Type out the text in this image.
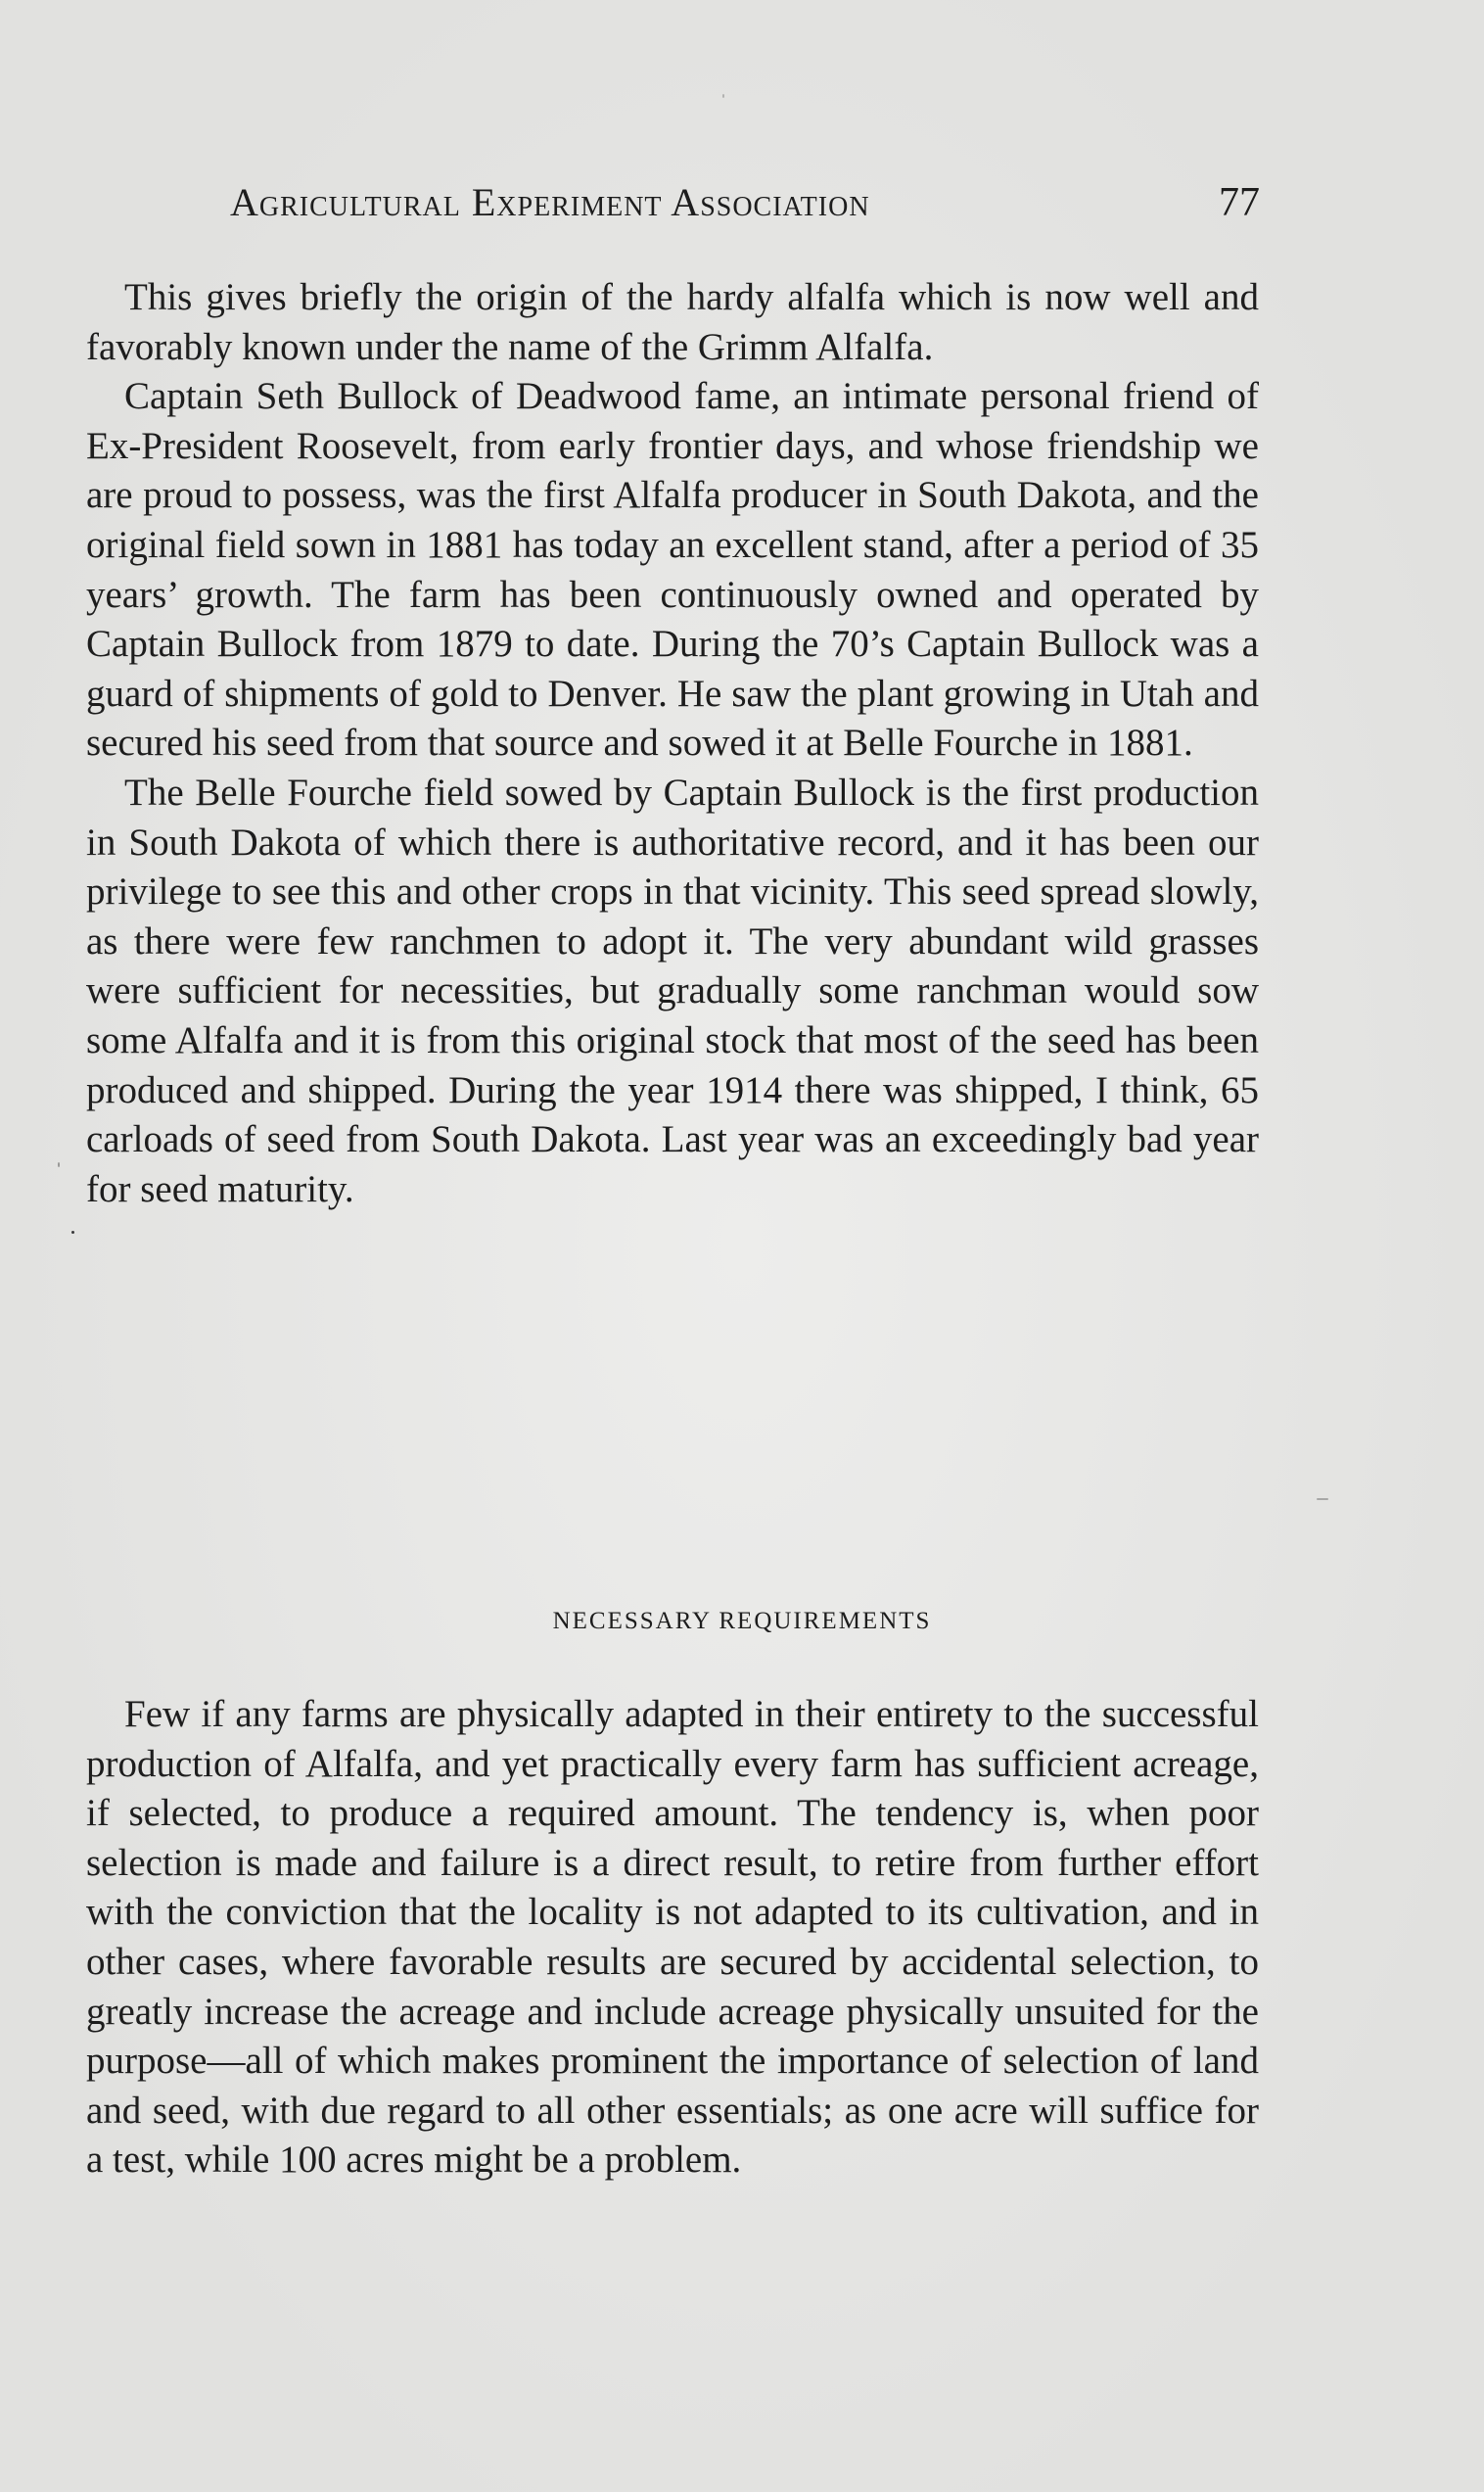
Agricultural Experiment Association	77

This gives briefly the origin of the hardy alfalfa which is now well and favorably known under the name of the Grimm Alfalfa.

Captain Seth Bullock of Deadwood fame, an intimate personal friend of Ex-President Roosevelt, from early frontier days, and whose friendship we are proud to possess, was the first Alfalfa producer in South Dakota, and the original field sown in 1881 has today an excellent stand, after a period of 35 years’ growth. The farm has been continuously owned and operated by Captain Bullock from 1879 to date. During the 70’s Captain Bullock was a guard of shipments of gold to Denver. He saw the plant growing in Utah and secured his seed from that source and sowed it at Belle Fourche in 1881.

The Belle Fourche field sowed by Captain Bullock is the first production in South Dakota of which there is authoritative record, and it has been our privilege to see this and other crops in that vicinity. This seed spread slowly, as there were few ranchmen to adopt it. The very abundant wild grasses were sufficient for necessities, but gradually some ranchman would sow some Alfalfa and it is from this original stock that most of the seed has been produced and shipped. During the year 1914 there was shipped, I think, 65 carloads of seed from South Dakota. Last year was an exceedingly bad year for seed maturity.

NECESSARY REQUIREMENTS

Few if any farms are physically adapted in their entirety to the successful production of Alfalfa, and yet practically every farm has sufficient acreage, if selected, to produce a required amount. The tendency is, when poor selection is made and failure is a direct result, to retire from further effort with the conviction that the locality is not adapted to its cultivation, and in other cases, where favorable results are secured by accidental selection, to greatly increase the acreage and include acreage physically unsuited for the purpose—all of which makes prominent the importance of selection of land and seed, with due regard to all other essentials; as one acre will suffice for a test, while 100 acres might be a problem.
